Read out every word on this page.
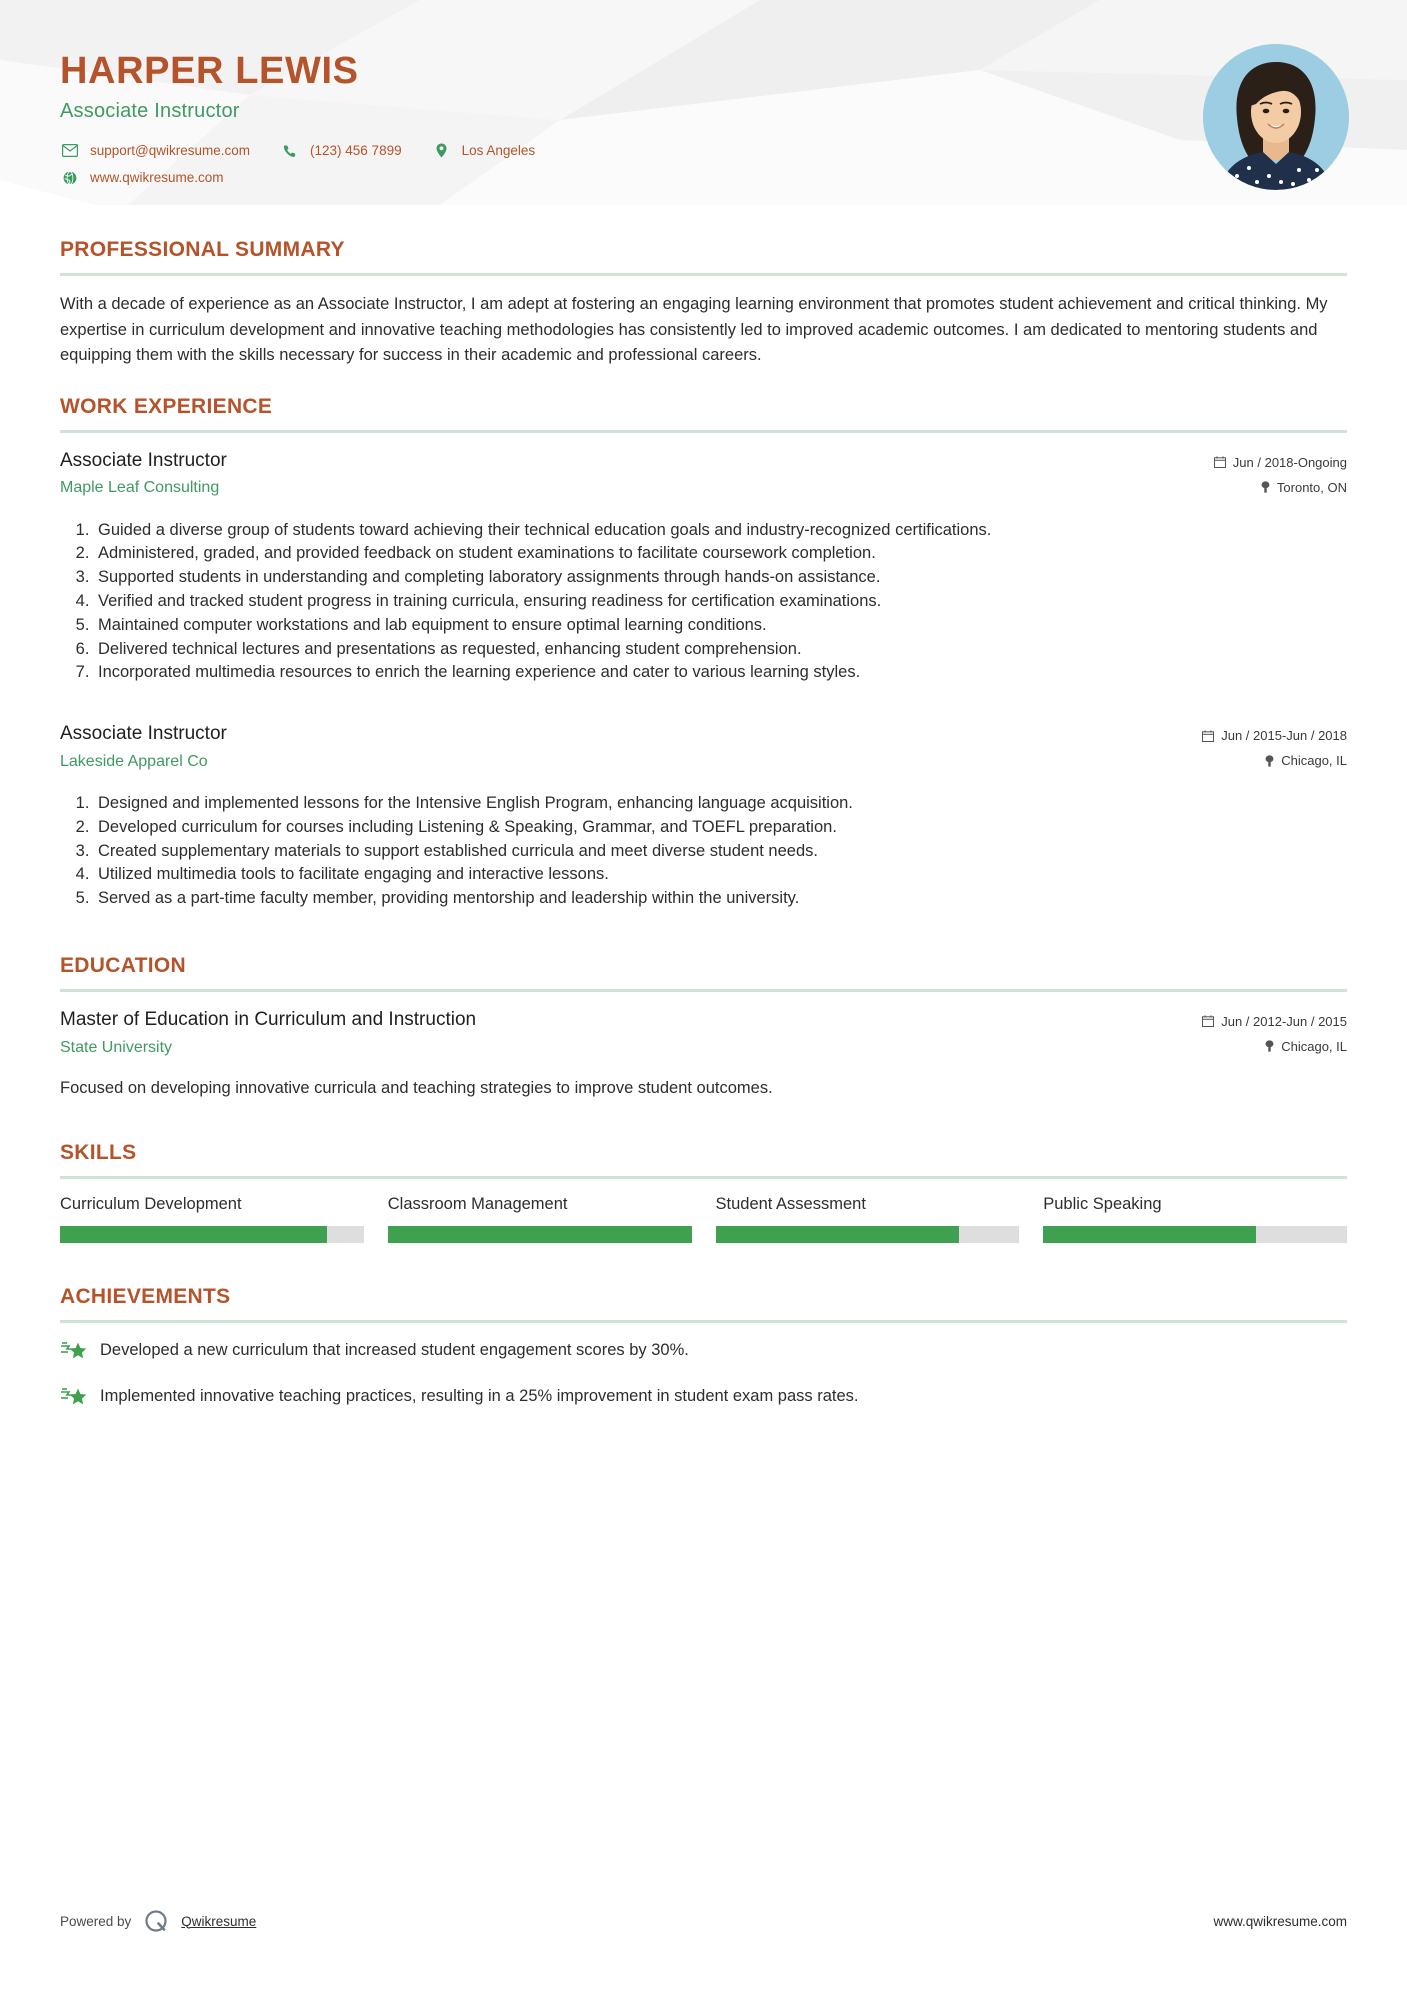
HARPER LEWIS
Associate Instructor
support@qwikresume.com	(123) 456 7899	Los Angeles
www.qwikresume.com
PROFESSIONAL SUMMARY
With a decade of experience as an Associate Instructor, I am adept at fostering an engaging learning environment that promotes student achievement and critical thinking. My expertise in curriculum development and innovative teaching methodologies has consistently led to improved academic outcomes. I am dedicated to mentoring students and equipping them with the skills necessary for success in their academic and professional careers.
WORK EXPERIENCE
Associate Instructor
Maple Leaf Consulting
Jun / 2018-Ongoing
Toronto, ON
1. Guided a diverse group of students toward achieving their technical education goals and industry-recognized certifications.
2. Administered, graded, and provided feedback on student examinations to facilitate coursework completion.
3. Supported students in understanding and completing laboratory assignments through hands-on assistance.
4. Verified and tracked student progress in training curricula, ensuring readiness for certification examinations.
5. Maintained computer workstations and lab equipment to ensure optimal learning conditions.
6. Delivered technical lectures and presentations as requested, enhancing student comprehension.
7. Incorporated multimedia resources to enrich the learning experience and cater to various learning styles.
Associate Instructor
Lakeside Apparel Co
Jun / 2015-Jun / 2018
Chicago, IL
1. Designed and implemented lessons for the Intensive English Program, enhancing language acquisition.
2. Developed curriculum for courses including Listening & Speaking, Grammar, and TOEFL preparation.
3. Created supplementary materials to support established curricula and meet diverse student needs.
4. Utilized multimedia tools to facilitate engaging and interactive lessons.
5. Served as a part-time faculty member, providing mentorship and leadership within the university.
EDUCATION
Master of Education in Curriculum and Instruction
State University
Jun / 2012-Jun / 2015
Chicago, IL
Focused on developing innovative curricula and teaching strategies to improve student outcomes.
SKILLS
Curriculum Development	Classroom Management	Student Assessment	Public Speaking
ACHIEVEMENTS
Developed a new curriculum that increased student engagement scores by 30%.
Implemented innovative teaching practices, resulting in a 25% improvement in student exam pass rates.
Powered by	Qwikresume	www.qwikresume.com
